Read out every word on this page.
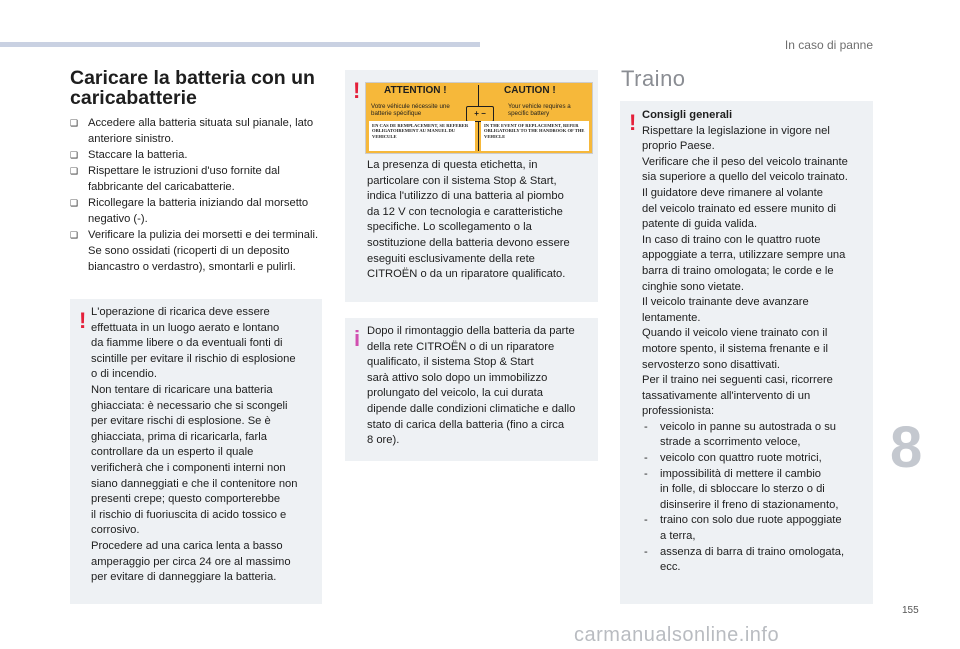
In caso di panne
8
155
carmanualsonline.info
Caricare la batteria con un caricabatterie
❑ Accedere alla batteria situata sul pianale, lato anteriore sinistro.
❑ Staccare la batteria.
❑ Rispettare le istruzioni d'uso fornite dal fabbricante del caricabatterie.
❑ Ricollegare la batteria iniziando dal morsetto negativo (-).
❑ Verificare la pulizia dei morsetti e dei terminali. Se sono ossidati (ricoperti di un deposito biancastro o verdastro), smontarli e pulirli.
! L'operazione di ricarica deve essere
effettuata in un luogo aerato e lontano
da fiamme libere o da eventuali fonti di
scintille per evitare il rischio di esplosione
o di incendio.
Non tentare di ricaricare una batteria
ghiacciata: è necessario che si scongeli
per evitare rischi di esplosione. Se è
ghiacciata, prima di ricaricarla, farla
controllare da un esperto il quale
verificherà che i componenti interni non
siano danneggiati e che il contenitore non
presenti crepe; questo comporterebbe
il rischio di fuoriuscita di acido tossico e
corrosivo.
Procedere ad una carica lenta a basso
amperaggio per circa 24 ore al massimo
per evitare di danneggiare la batteria.
!
La presenza di questa etichetta, in
particolare con il sistema Stop & Start,
indica l'utilizzo di una batteria al piombo
da 12 V con tecnologia e caratteristiche
specifiche. Lo scollegamento o la
sostituzione della batteria devono essere
eseguiti esclusivamente della rete
CITROËN o da un riparatore qualificato.
ATTENTION !	CAUTION !
Votre véhicule nécessite une batterie spécifique
Your vehicle requires a specific battery
+ −
EN CAS DE REMPLACEMENT, SE REFERER OBLIGATOIREMENT AU MANUEL DU VEHICULE
IN THE EVENT OF REPLACEMENT, REFER OBLIGATORILY TO THE HANDBOOK OF THE VEHICLE
i Dopo il rimontaggio della batteria da parte
della rete CITROËN o di un riparatore
qualificato, il sistema Stop & Start
sarà attivo solo dopo un immobilizzo
prolungato del veicolo, la cui durata
dipende dalle condizioni climatiche e dallo
stato di carica della batteria (fino a circa
8 ore).
Traino
! Consigli generali
Rispettare la legislazione in vigore nel
proprio Paese.
Verificare che il peso del veicolo trainante
sia superiore a quello del veicolo trainato.
Il guidatore deve rimanere al volante
del veicolo trainato ed essere munito di
patente di guida valida.
In caso di traino con le quattro ruote
appoggiate a terra, utilizzare sempre una
barra di traino omologata; le corde e le
cinghie sono vietate.
Il veicolo trainante deve avanzare
lentamente.
Quando il veicolo viene trainato con il
motore spento, il sistema frenante e il
servosterzo sono disattivati.
Per il traino nei seguenti casi, ricorrere
tassativamente all'intervento di un
professionista:
- veicolo in panne su autostrada o su
strade a scorrimento veloce,
- veicolo con quattro ruote motrici,
- impossibilità di mettere il cambio
in folle, di sbloccare lo sterzo o di
disinserire il freno di stazionamento,
- traino con solo due ruote appoggiate
a terra,
- assenza di barra di traino omologata,
ecc.
